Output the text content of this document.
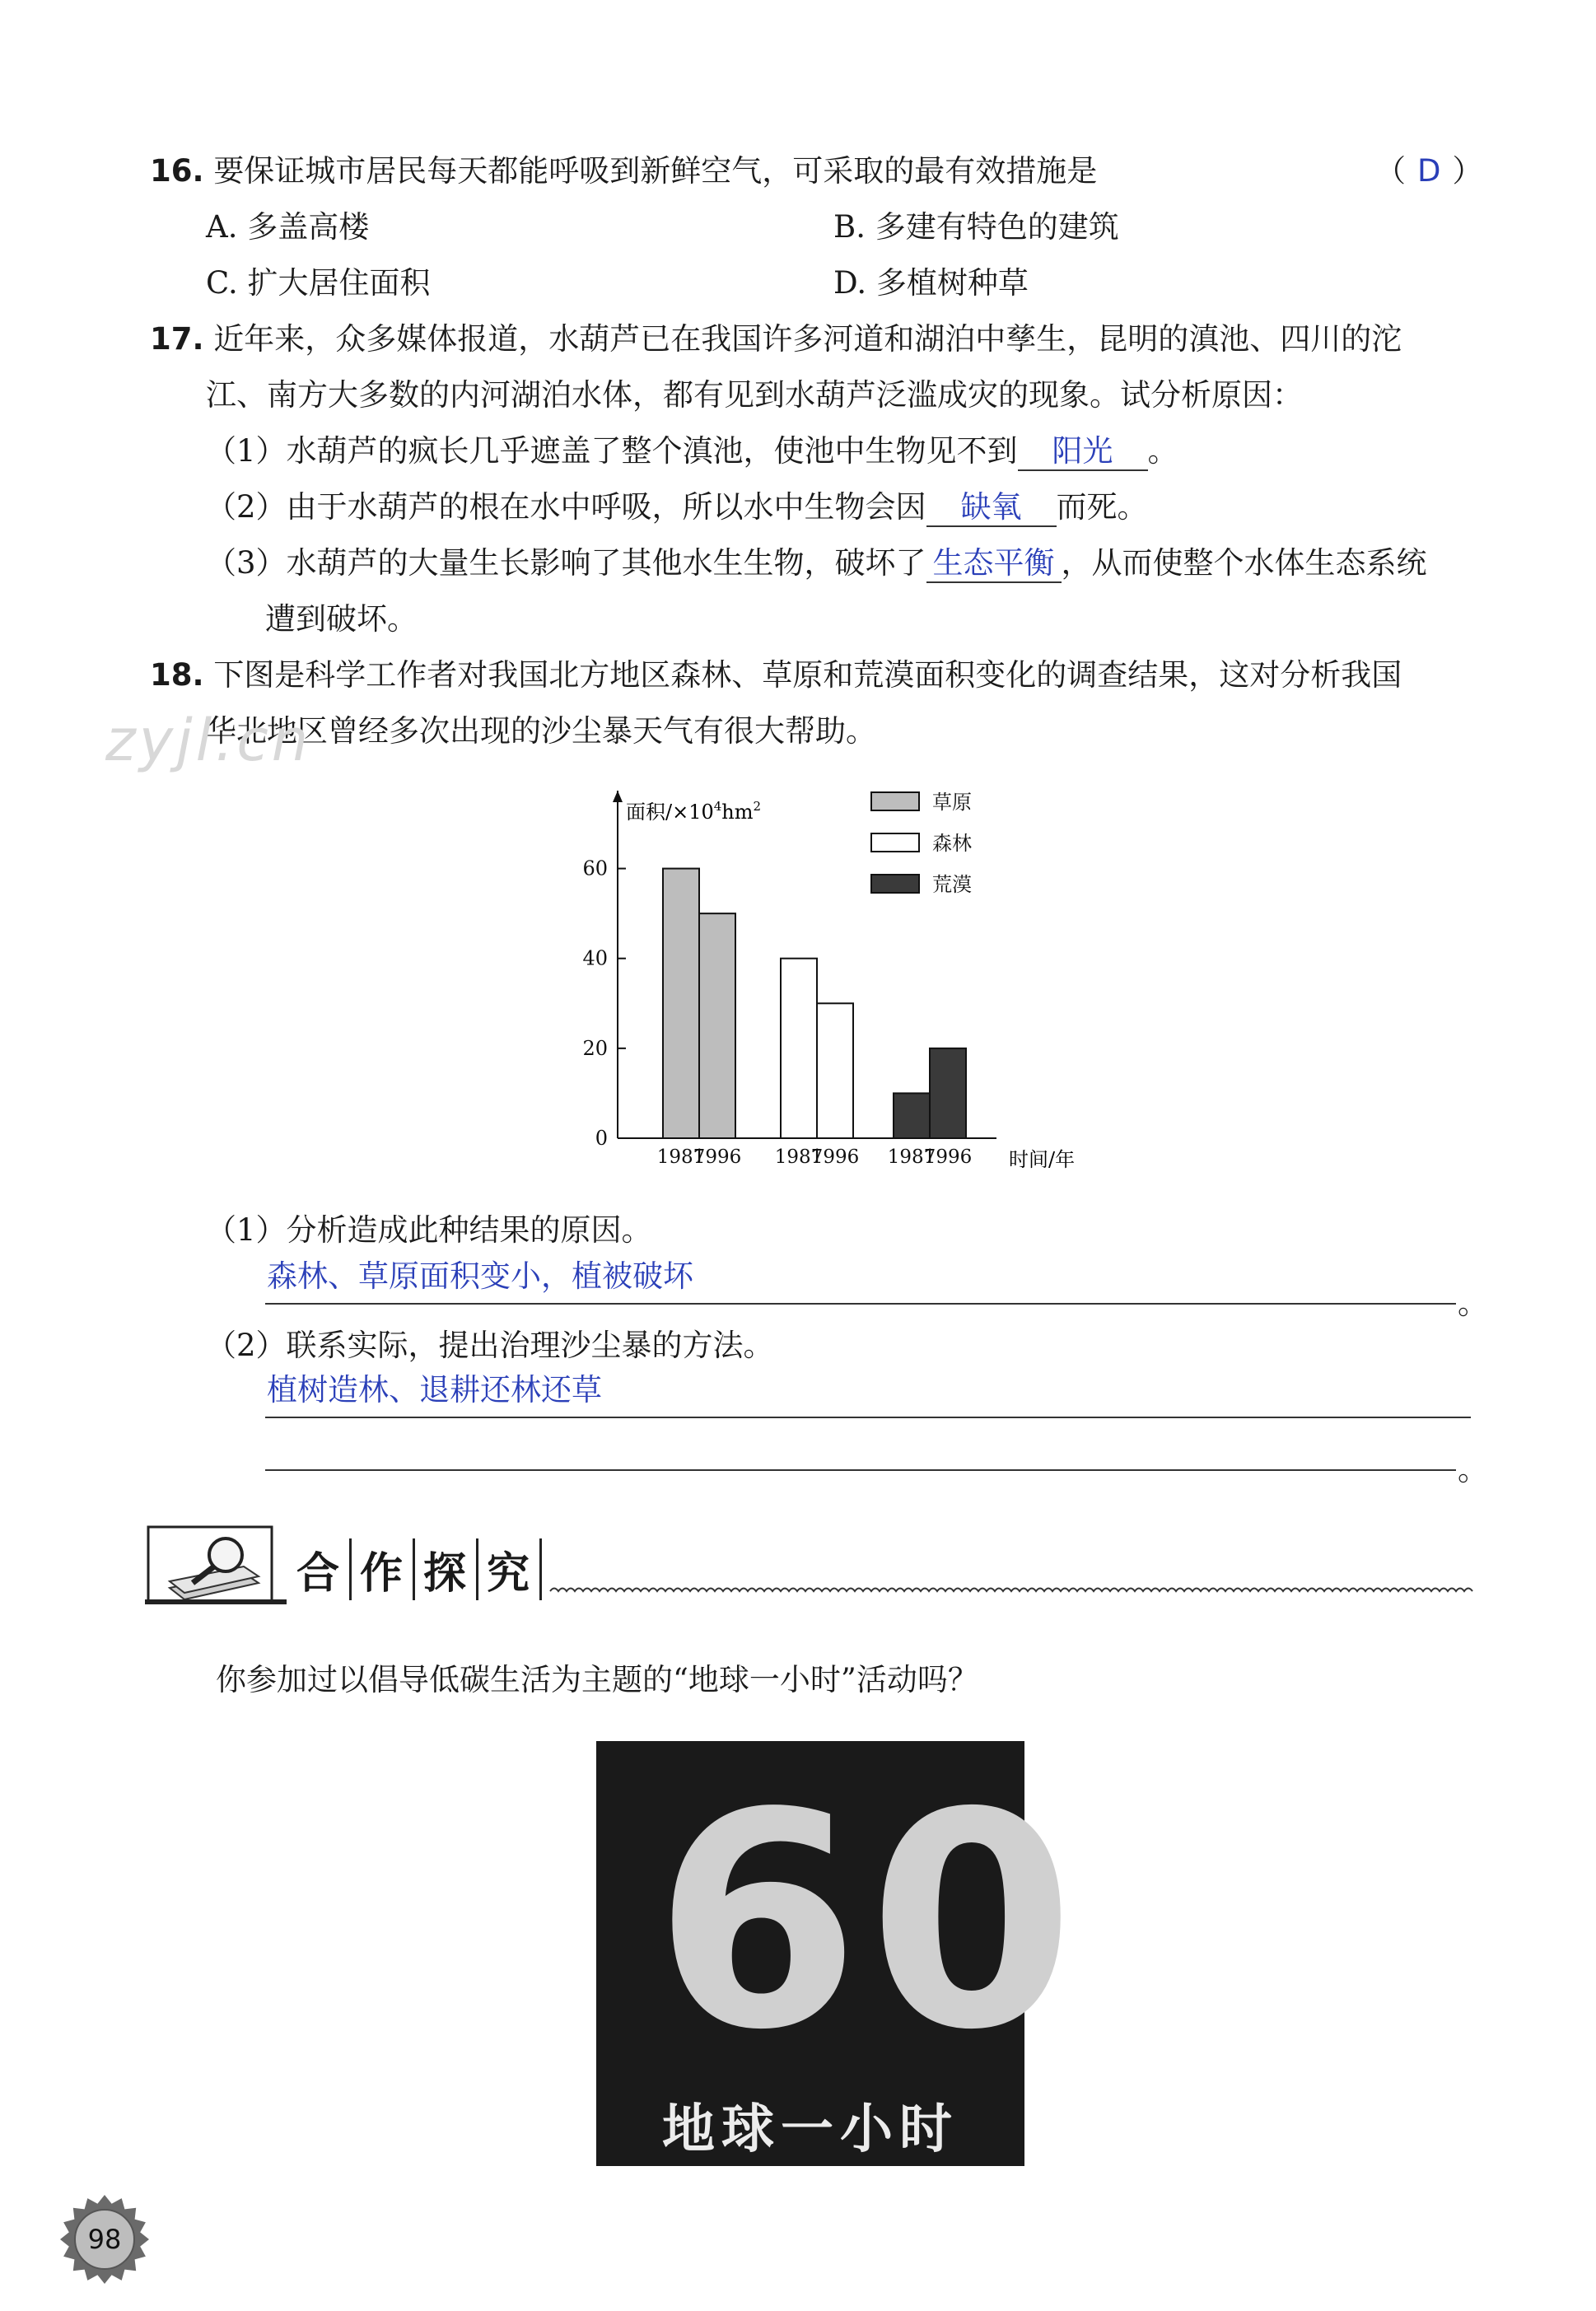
16. 要保证城市居民每天都能呼吸到新鲜空气，可采取的最有效措施是	（ D ）
A. 多盖高楼	B. 多建有特色的建筑
C. 扩大居住面积	D. 多植树种草
17. 近年来，众多媒体报道，水葫芦已在我国许多河道和湖泊中孳生，昆明的滇池、四川的沱
江、南方大多数的内河湖泊水体，都有见到水葫芦泛滥成灾的现象。试分析原因：
（1）水葫芦的疯长几乎遮盖了整个滇池，使池中生物见不到 阳光 。
（2）由于水葫芦的根在水中呼吸，所以水中生物会因 缺氧 而死。
（3）水葫芦的大量生长影响了其他水生生物，破坏了 生态平衡 ，从而使整个水体生态系统
遭到破坏。
18. 下图是科学工作者对我国北方地区森林、草原和荒漠面积变化的调查结果，这对分析我国
华北地区曾经多次出现的沙尘暴天气有很大帮助。
zyjl.cn
0
20
40
60
1987
1996 1987
1996 1987
1996
草原
森林
荒漠
面积$/\times 10^4hm^2$
时间/年
（1）分析造成此种结果的原因。
森林、草原面积变小，植被破坏
。
（2）联系实际，提出治理沙尘暴的方法。
植树造林、退耕还林还草
。
合 作 探 究
你参加过以倡导低碳生活为主题的“地球一小时”活动吗？
60
地球一小时
98
